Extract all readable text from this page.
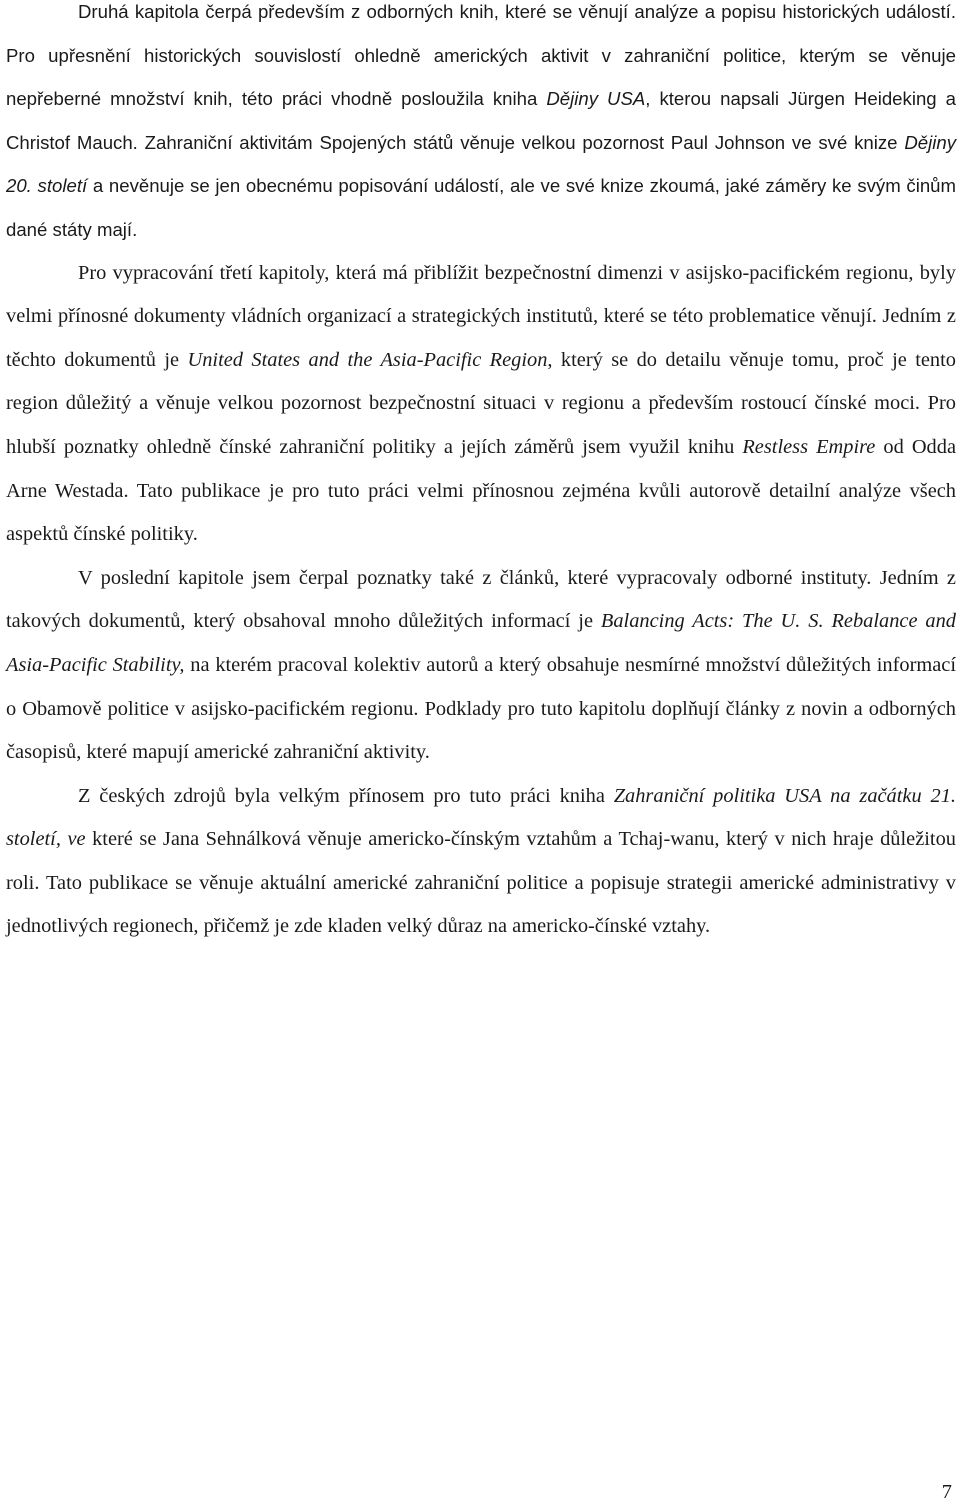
Druhá kapitola čerpá především z odborných knih, které se věnují analýze a popisu historických událostí. Pro upřesnění historických souvislostí ohledně amerických aktivit v zahraniční politice, kterým se věnuje nepřeberné množství knih, této práci vhodně posloužila kniha Dějiny USA, kterou napsali Jürgen Heideking a Christof Mauch. Zahraniční aktivitám Spojených států věnuje velkou pozornost Paul Johnson ve své knize Dějiny 20. století a nevěnuje se jen obecnému popisování událostí, ale ve své knize zkoumá, jaké záměry ke svým činům dané státy mají.

Pro vypracování třetí kapitoly, která má přiblížit bezpečnostní dimenzi v asijsko-pacifickém regionu, byly velmi přínosné dokumenty vládních organizací a strategických institutů, které se této problematice věnují. Jedním z těchto dokumentů je United States and the Asia-Pacific Region, který se do detailu věnuje tomu, proč je tento region důležitý a věnuje velkou pozornost bezpečnostní situaci v regionu a především rostoucí čínské moci. Pro hlubší poznatky ohledně čínské zahraniční politiky a jejích záměrů jsem využil knihu Restless Empire od Odda Arne Westada. Tato publikace je pro tuto práci velmi přínosnou zejména kvůli autorově detailní analýze všech aspektů čínské politiky.

V poslední kapitole jsem čerpal poznatky také z článků, které vypracovaly odborné instituty. Jedním z takových dokumentů, který obsahoval mnoho důležitých informací je Balancing Acts: The U. S. Rebalance and Asia-Pacific Stability, na kterém pracoval kolektiv autorů a který obsahuje nesmírné množství důležitých informací o Obamově politice v asijsko-pacifickém regionu. Podklady pro tuto kapitolu doplňují články z novin a odborných časopisů, které mapují americké zahraniční aktivity.

Z českých zdrojů byla velkým přínosem pro tuto práci kniha Zahraniční politika USA na začátku 21. století, ve které se Jana Sehnálková věnuje americko-čínským vztahům a Tchaj-wanu, který v nich hraje důležitou roli. Tato publikace se věnuje aktuální americké zahraniční politice a popisuje strategii americké administrativy v jednotlivých regionech, přičemž je zde kladen velký důraz na americko-čínské vztahy.

7
